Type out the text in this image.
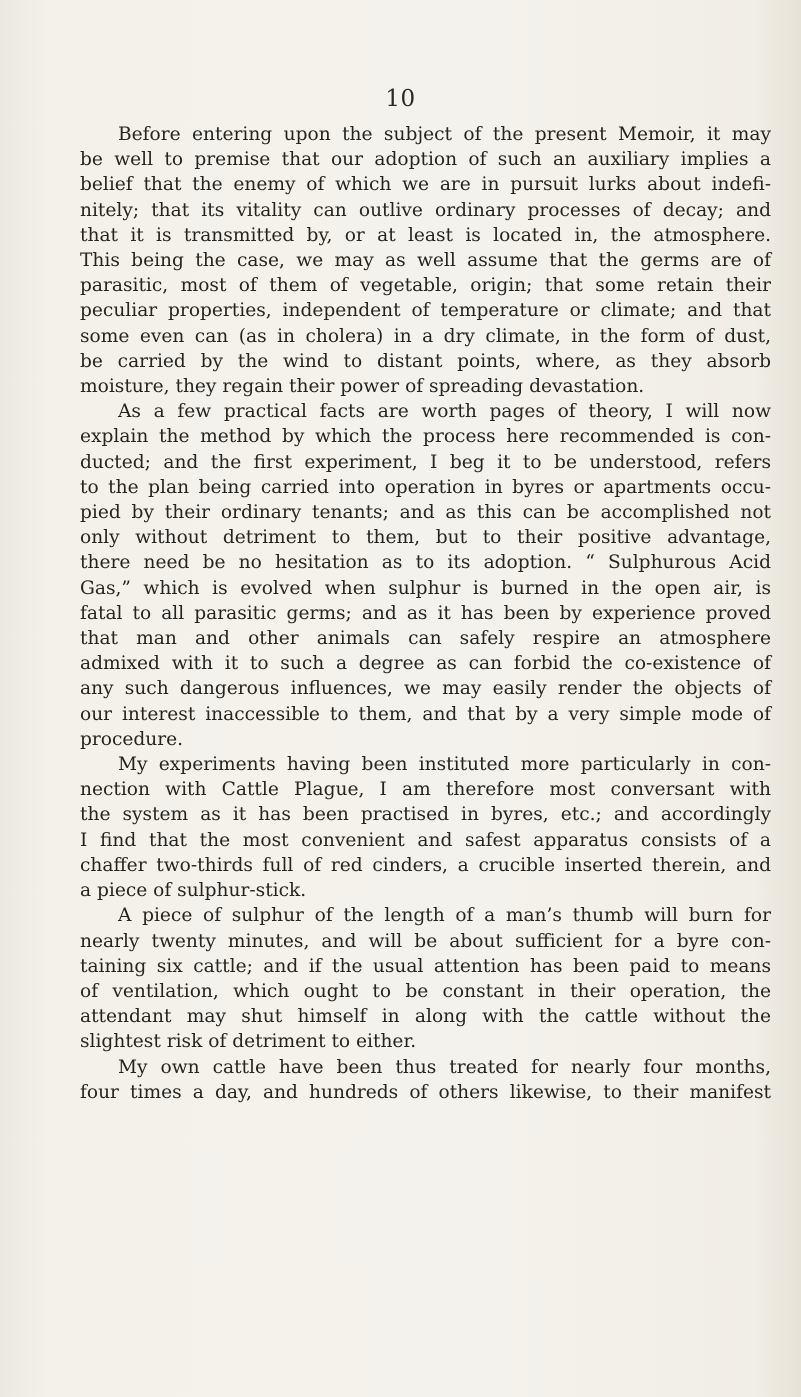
10
Before entering upon the subject of the present Memoir, it may
be well to premise that our adoption of such an auxiliary implies a
belief that the enemy of which we are in pursuit lurks about indefi-
nitely; that its vitality can outlive ordinary processes of decay; and
that it is transmitted by, or at least is located in, the atmosphere.
This being the case, we may as well assume that the germs are of
parasitic, most of them of vegetable, origin; that some retain their
peculiar properties, independent of temperature or climate; and that
some even can (as in cholera) in a dry climate, in the form of dust,
be carried by the wind to distant points, where, as they absorb
moisture, they regain their power of spreading devastation.
As a few practical facts are worth pages of theory, I will now
explain the method by which the process here recommended is con-
ducted; and the first experiment, I beg it to be understood, refers
to the plan being carried into operation in byres or apartments occu-
pied by their ordinary tenants; and as this can be accomplished not
only without detriment to them, but to their positive advantage,
there need be no hesitation as to its adoption. “ Sulphurous Acid
Gas,” which is evolved when sulphur is burned in the open air, is
fatal to all parasitic germs; and as it has been by experience proved
that man and other animals can safely respire an atmosphere
admixed with it to such a degree as can forbid the co-existence of
any such dangerous influences, we may easily render the objects of
our interest inaccessible to them, and that by a very simple mode of
procedure.
My experiments having been instituted more particularly in con-
nection with Cattle Plague, I am therefore most conversant with
the system as it has been practised in byres, etc.; and accordingly
I find that the most convenient and safest apparatus consists of a
chaffer two-thirds full of red cinders, a crucible inserted therein, and
a piece of sulphur-stick.
A piece of sulphur of the length of a man’s thumb will burn for
nearly twenty minutes, and will be about sufficient for a byre con-
taining six cattle; and if the usual attention has been paid to means
of ventilation, which ought to be constant in their operation, the
attendant may shut himself in along with the cattle without the
slightest risk of detriment to either.
My own cattle have been thus treated for nearly four months,
four times a day, and hundreds of others likewise, to their manifest
